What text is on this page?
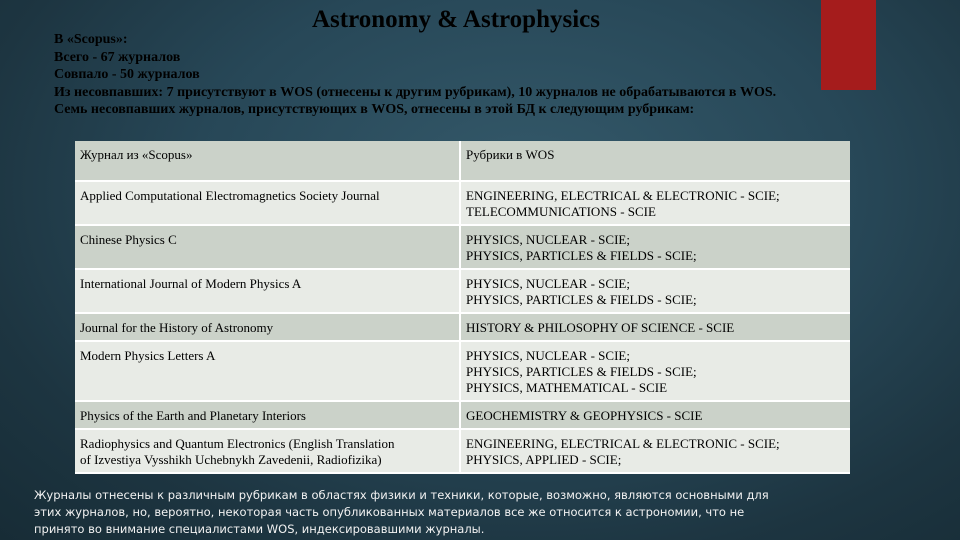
Astronomy & Astrophysics
В «Scopus»:
Всего - 67 журналов
Совпало - 50 журналов
Из несовпавших: 7 присутствуют в WOS (отнесены к другим рубрикам), 10 журналов не обрабатываются в WOS.
Семь несовпавших журналов, присутствующих в WOS, отнесены в этой БД к следующим рубрикам:
Журнал из «Scopus»	Рубрики в WOS

Applied Computational Electromagnetics Society Journal	ENGINEERING, ELECTRICAL & ELECTRONIC - SCIE;
TELECOMMUNICATIONS - SCIE

Chinese Physics C	PHYSICS, NUCLEAR - SCIE;
PHYSICS, PARTICLES & FIELDS - SCIE;

International Journal of Modern Physics A	PHYSICS, NUCLEAR - SCIE;
PHYSICS, PARTICLES & FIELDS - SCIE;

Journal for the History of Astronomy	HISTORY & PHILOSOPHY OF SCIENCE - SCIE

Modern Physics Letters A	PHYSICS, NUCLEAR - SCIE;
PHYSICS, PARTICLES & FIELDS - SCIE;
PHYSICS, MATHEMATICAL - SCIE

Physics of the Earth and Planetary Interiors	GEOCHEMISTRY & GEOPHYSICS - SCIE

Radiophysics and Quantum Electronics (English Translation
of Izvestiya Vysshikh Uchebnykh Zavedenii, Radiofizika)	ENGINEERING, ELECTRICAL & ELECTRONIC - SCIE;
PHYSICS, APPLIED - SCIE;
Журналы отнесены к различным рубрикам в областях физики и техники, которые, возможно, являются основными для
этих журналов, но, вероятно, некоторая часть опубликованных материалов все же относится к астрономии, что не
принято во внимание специалистами WOS, индексировавшими журналы.
